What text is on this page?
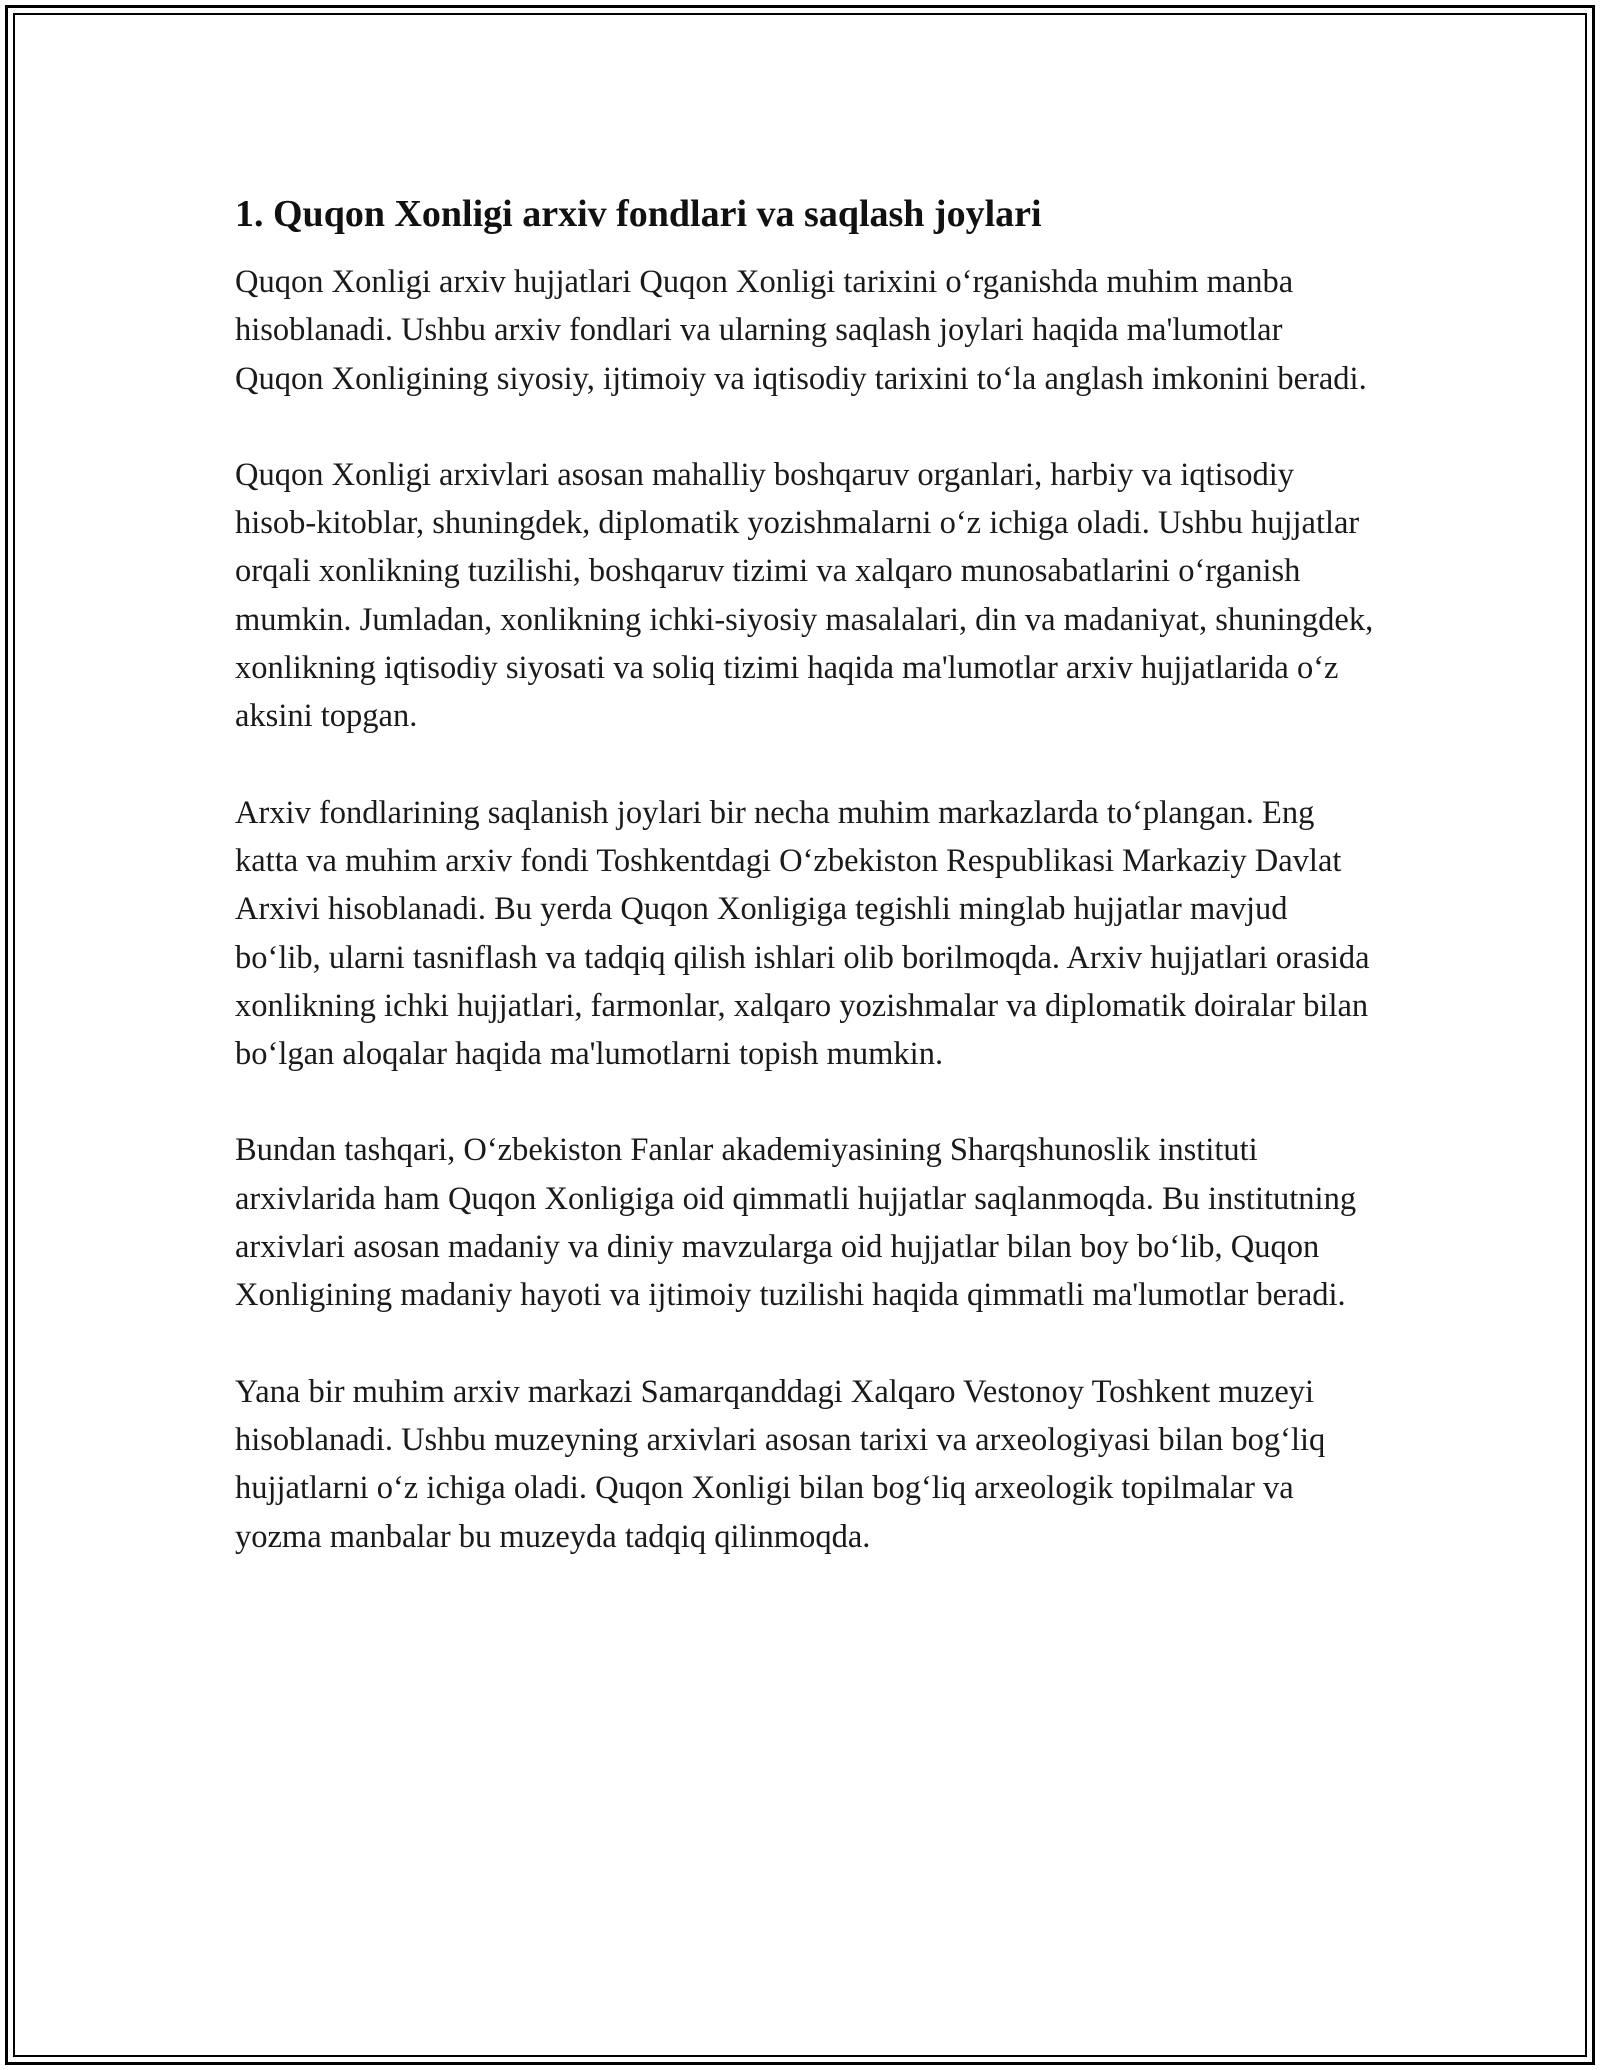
1. Quqon Xonligi arxiv fondlari va saqlash joylari

Quqon Xonligi arxiv hujjatlari Quqon Xonligi tarixini o‘rganishda muhim manba hisoblanadi. Ushbu arxiv fondlari va ularning saqlash joylari haqida ma'lumotlar Quqon Xonligining siyosiy, ijtimoiy va iqtisodiy tarixini to‘la anglash imkonini beradi.

Quqon Xonligi arxivlari asosan mahalliy boshqaruv organlari, harbiy va iqtisodiy hisob-kitoblar, shuningdek, diplomatik yozishmalarni o‘z ichiga oladi. Ushbu hujjatlar orqali xonlikning tuzilishi, boshqaruv tizimi va xalqaro munosabatlarini o‘rganish mumkin. Jumladan, xonlikning ichki-siyosiy masalalari, din va madaniyat, shuningdek, xonlikning iqtisodiy siyosati va soliq tizimi haqida ma'lumotlar arxiv hujjatlarida o‘z aksini topgan.

Arxiv fondlarining saqlanish joylari bir necha muhim markazlarda to‘plangan. Eng katta va muhim arxiv fondi Toshkentdagi O‘zbekiston Respublikasi Markaziy Davlat Arxivi hisoblanadi. Bu yerda Quqon Xonligiga tegishli minglab hujjatlar mavjud bo‘lib, ularni tasniflash va tadqiq qilish ishlari olib borilmoqda. Arxiv hujjatlari orasida xonlikning ichki hujjatlari, farmonlar, xalqaro yozishmalar va diplomatik doiralar bilan bo‘lgan aloqalar haqida ma'lumotlarni topish mumkin.

Bundan tashqari, O‘zbekiston Fanlar akademiyasining Sharqshunoslik instituti arxivlarida ham Quqon Xonligiga oid qimmatli hujjatlar saqlanmoqda. Bu institutning arxivlari asosan madaniy va diniy mavzularga oid hujjatlar bilan boy bo‘lib, Quqon Xonligining madaniy hayoti va ijtimoiy tuzilishi haqida qimmatli ma'lumotlar beradi.

Yana bir muhim arxiv markazi Samarqanddagi Xalqaro Vestonoy Toshkent muzeyi hisoblanadi. Ushbu muzeyning arxivlari asosan tarixi va arxeologiyasi bilan bog‘liq hujjatlarni o‘z ichiga oladi. Quqon Xonligi bilan bog‘liq arxeologik topilmalar va yozma manbalar bu muzeyda tadqiq qilinmoqda.
